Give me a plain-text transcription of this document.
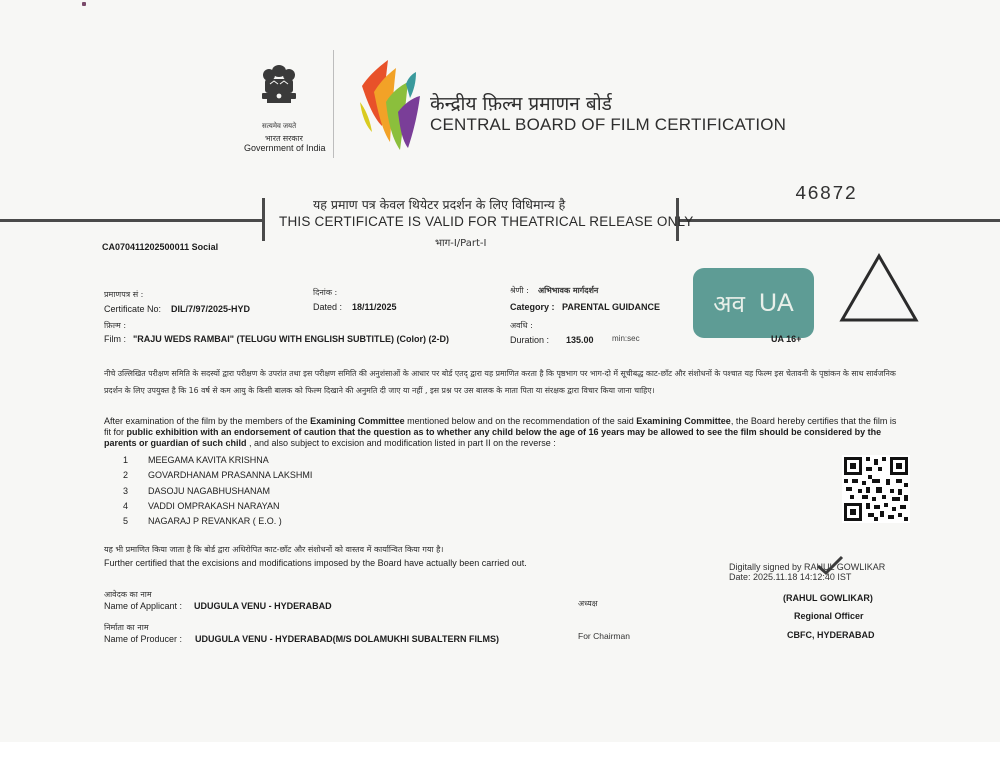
सत्यमेव जयते
भारत सरकार
Government of India
केन्द्रीय फ़िल्म प्रमाणन बोर्ड
CENTRAL BOARD OF FILM CERTIFICATION
यह प्रमाण पत्र केवल थियेटर प्रदर्शन के लिए विधिमान्य है
THIS CERTIFICATE IS VALID FOR THEATRICAL RELEASE ONLY
भाग-I/Part-I
46872
CA070411202500011 Social
प्रमाणपत्र सं :
Certificate No: DIL/7/97/2025-HYD
दिनांक :
Dated : 18/11/2025
श्रेणी : अभिभावक मार्गदर्शन
Category : PARENTAL GUIDANCE
फ़िल्म :
Film : "RAJU WEDS RAMBAI" (TELUGU WITH ENGLISH SUBTITLE) (Color) (2-D)
अवधि :
Duration : 135.00 min:sec
अव UA
UA 16+
नीचे उल्लिखित परीक्षण समिति के सदस्यों द्वारा परीक्षण के उपरांत तथा इस परीक्षण समिति की अनुशंसाओं के आधार पर बोर्ड एतद् द्वारा यह प्रमाणित करता है कि पृष्ठभाग पर भाग-दो में सूचीबद्ध काट-छाँट और संशोधनों के पश्चात यह फिल्म इस चेतावनी के पृष्ठांकन के साथ सार्वजनिक प्रदर्शन के लिए उपयुक्त है कि 16 वर्ष से कम आयु के किसी बालक को फिल्म दिखाने की अनुमति दी जाए या नहीं , इस प्रश्न पर उस बालक के माता पिता या संरक्षक द्वारा विचार किया जाना चाहिए।
After examination of the film by the members of the Examining Committee mentioned below and on the recommendation of the said Examining Committee, the Board hereby certifies that the film is fit for public exhibition with an endorsement of caution that the question as to whether any child below the age of 16 years may be allowed to see the film should be considered by the parents or guardian of such child , and also subject to excision and modification listed in part II on the reverse :
1 MEEGAMA KAVITA KRISHNA
2 GOVARDHANAM PRASANNA LAKSHMI
3 DASOJU NAGABHUSHANAM
4 VADDI OMPRAKASH NARAYAN
5 NAGARAJ P REVANKAR ( E.O. )
यह भी प्रमाणित किया जाता है कि बोर्ड द्वारा अधिरोपित काट-छाँट और संशोधनों को वास्तव में कार्यान्वित किया गया है।
Further certified that the excisions and modifications imposed by the Board have actually been carried out.	Digitally signed by RAHUL GOWLIKAR
Date: 2025.11.18 14:12:40 IST
आवेदक का नाम
Name of Applicant : UDUGULA VENU - HYDERABAD
निर्माता का नाम
Name of Producer : UDUGULA VENU - HYDERABAD(M/S DOLAMUKHI SUBALTERN FILMS)
अध्यक्ष
For Chairman
(RAHUL GOWLIKAR)
Regional Officer
CBFC, HYDERABAD
